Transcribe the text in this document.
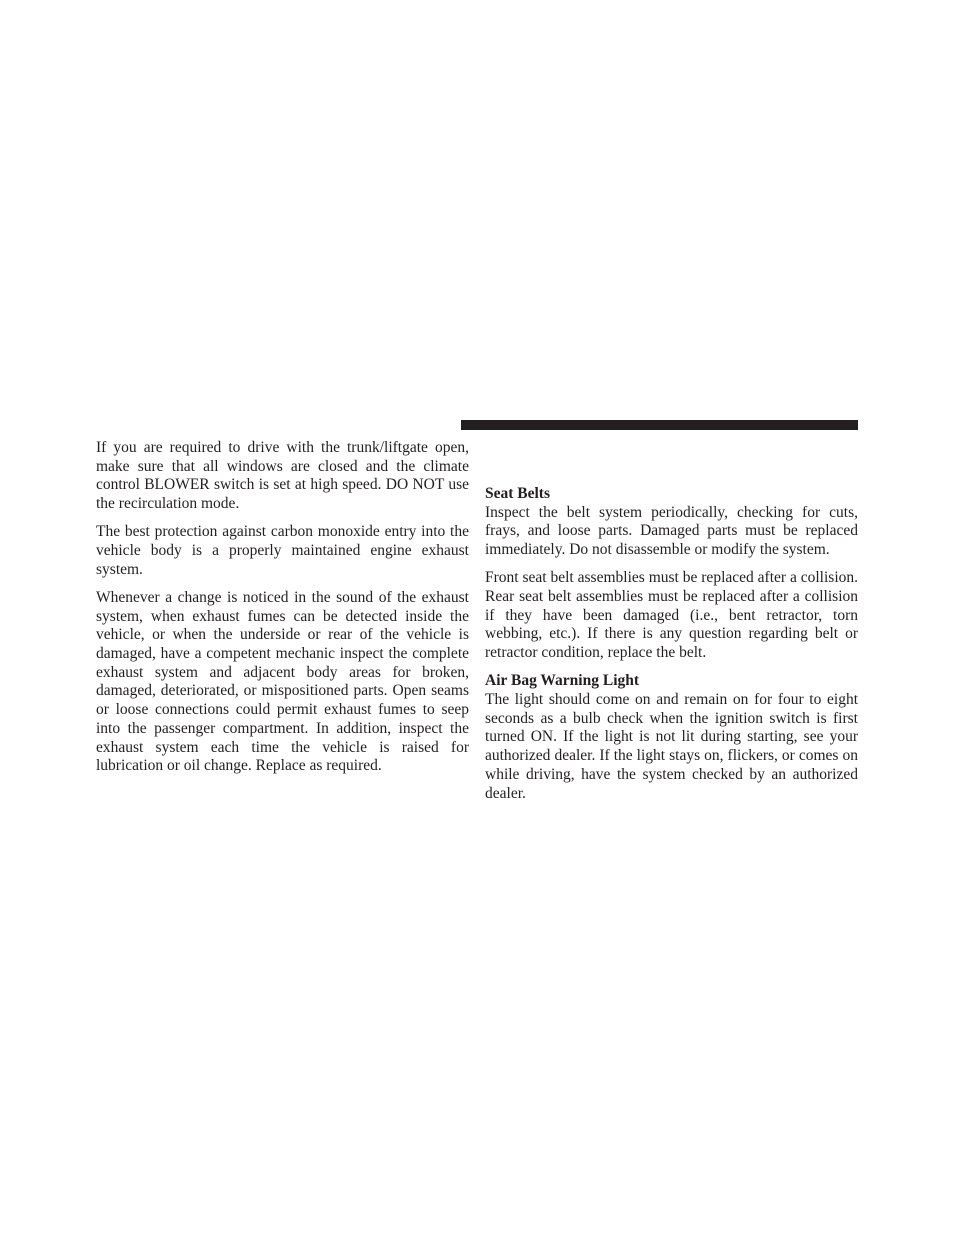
If you are required to drive with the trunk/liftgate open, make sure that all windows are closed and the climate control BLOWER switch is set at high speed. DO NOT use the recirculation mode.

The best protection against carbon monoxide entry into the vehicle body is a properly maintained engine exhaust system.

Whenever a change is noticed in the sound of the exhaust system, when exhaust fumes can be detected inside the vehicle, or when the underside or rear of the vehicle is damaged, have a competent mechanic inspect the complete exhaust system and adjacent body areas for broken, damaged, deteriorated, or mispositioned parts. Open seams or loose connections could permit exhaust fumes to seep into the passenger compartment. In addition, inspect the exhaust system each time the vehicle is raised for lubrication or oil change. Replace as required.

Seat Belts

Inspect the belt system periodically, checking for cuts, frays, and loose parts. Damaged parts must be replaced immediately. Do not disassemble or modify the system.

Front seat belt assemblies must be replaced after a collision. Rear seat belt assemblies must be replaced after a collision if they have been damaged (i.e., bent retractor, torn webbing, etc.). If there is any question regarding belt or retractor condition, replace the belt.

Air Bag Warning Light

The light should come on and remain on for four to eight seconds as a bulb check when the ignition switch is first turned ON. If the light is not lit during starting, see your authorized dealer. If the light stays on, flickers, or comes on while driving, have the system checked by an authorized dealer.
